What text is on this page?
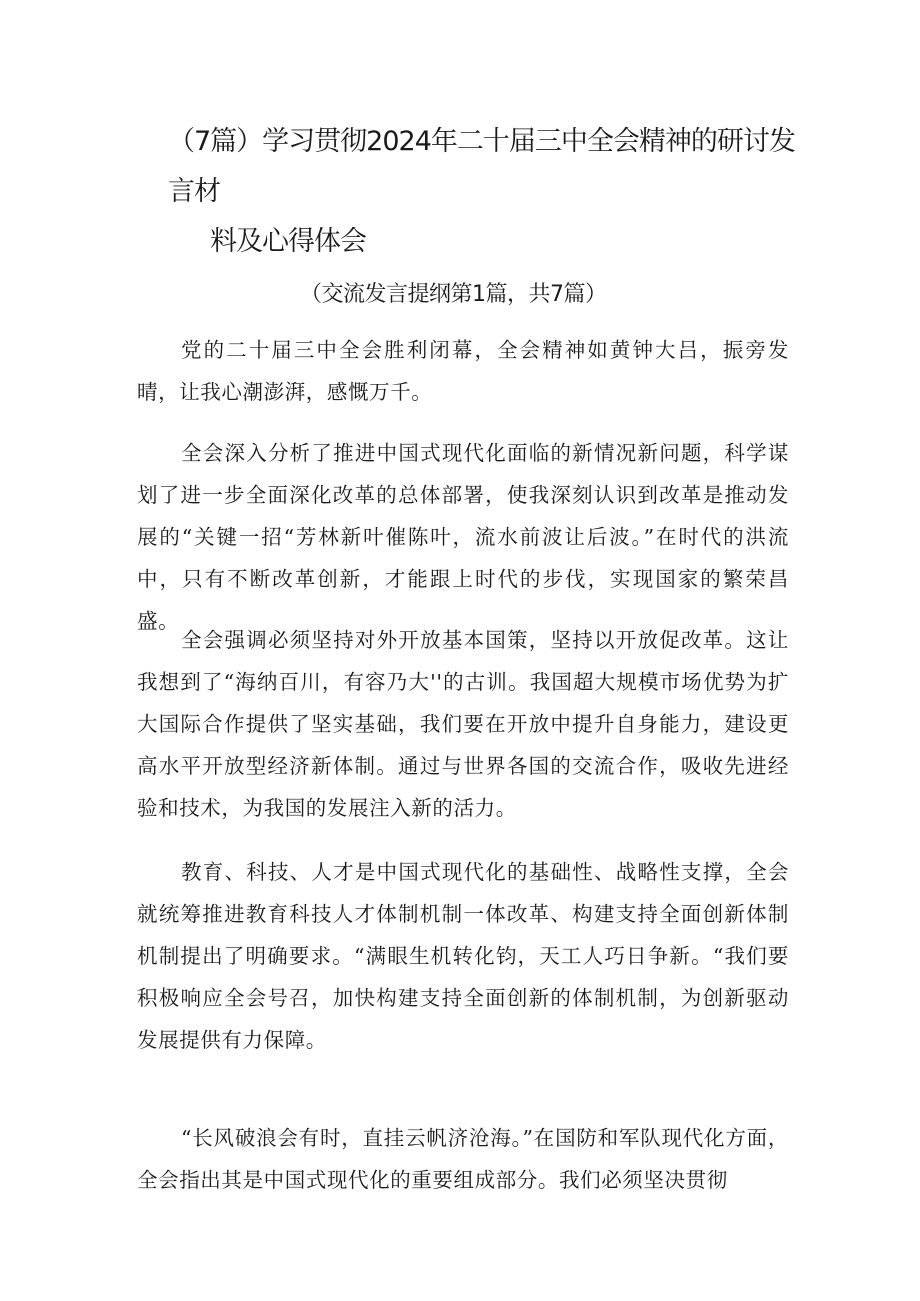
（7篇）学习贯彻2024年二十届三中全会精神的研讨发言材
料及心得体会
（交流发言提纲第1篇，共7篇）

党的二十届三中全会胜利闭幕，全会精神如黄钟大吕，振旁发晴，让我心潮澎湃，感慨万千。

全会深入分析了推进中国式现代化面临的新情况新问题，科学谋划了进一步全面深化改革的总体部署，使我深刻认识到改革是推动发展的“关键一招“芳林新叶催陈叶，流水前波让后波。”在时代的洪流中，只有不断改革创新，才能跟上时代的步伐，实现国家的繁荣昌盛。

全会强调必须坚持对外开放基本国策，坚持以开放促改革。这让我想到了“海纳百川，有容乃大''的古训。我国超大规模市场优势为扩大国际合作提供了坚实基础，我们要在开放中提升自身能力，建设更高水平开放型经济新体制。通过与世界各国的交流合作，吸收先进经验和技术，为我国的发展注入新的活力。

教育、科技、人才是中国式现代化的基础性、战略性支撑，全会就统筹推进教育科技人才体制机制一体改革、构建支持全面创新体制机制提出了明确要求。“满眼生机转化钧，天工人巧日争新。“我们要积极响应全会号召，加快构建支持全面创新的体制机制，为创新驱动发展提供有力保障。

“长风破浪会有时，直挂云帆济沧海。”在国防和军队现代化方面，全会指出其是中国式现代化的重要组成部分。我们必须坚决贯彻
